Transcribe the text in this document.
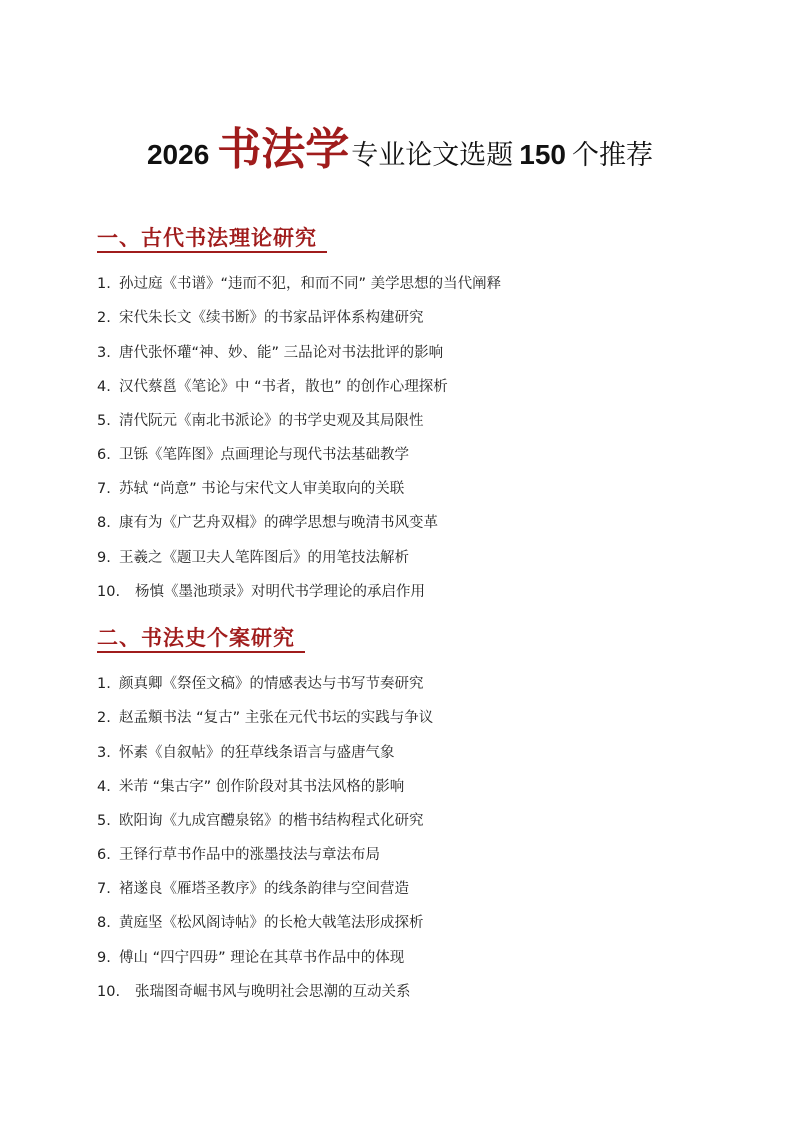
2026 书法学专业论文选题 150 个推荐
一、古代书法理论研究
1. 孙过庭《书谱》“违而不犯，和而不同” 美学思想的当代阐释
2. 宋代朱长文《续书断》的书家品评体系构建研究
3. 唐代张怀瓘“神、妙、能” 三品论对书法批评的影响
4. 汉代蔡邕《笔论》中 “书者，散也” 的创作心理探析
5. 清代阮元《南北书派论》的书学史观及其局限性
6. 卫铄《笔阵图》点画理论与现代书法基础教学
7. 苏轼 “尚意” 书论与宋代文人审美取向的关联
8. 康有为《广艺舟双楫》的碑学思想与晚清书风变革
9. 王羲之《题卫夫人笔阵图后》的用笔技法解析
10.	杨慎《墨池琐录》对明代书学理论的承启作用
二、书法史个案研究
1. 颜真卿《祭侄文稿》的情感表达与书写节奏研究
2. 赵孟頫书法 “复古” 主张在元代书坛的实践与争议
3. 怀素《自叙帖》的狂草线条语言与盛唐气象
4. 米芾 “集古字” 创作阶段对其书法风格的影响
5. 欧阳询《九成宫醴泉铭》的楷书结构程式化研究
6. 王铎行草书作品中的涨墨技法与章法布局
7. 褚遂良《雁塔圣教序》的线条韵律与空间营造
8. 黄庭坚《松风阁诗帖》的长枪大戟笔法形成探析
9. 傅山 “四宁四毋” 理论在其草书作品中的体现
10.	张瑞图奇崛书风与晚明社会思潮的互动关系
